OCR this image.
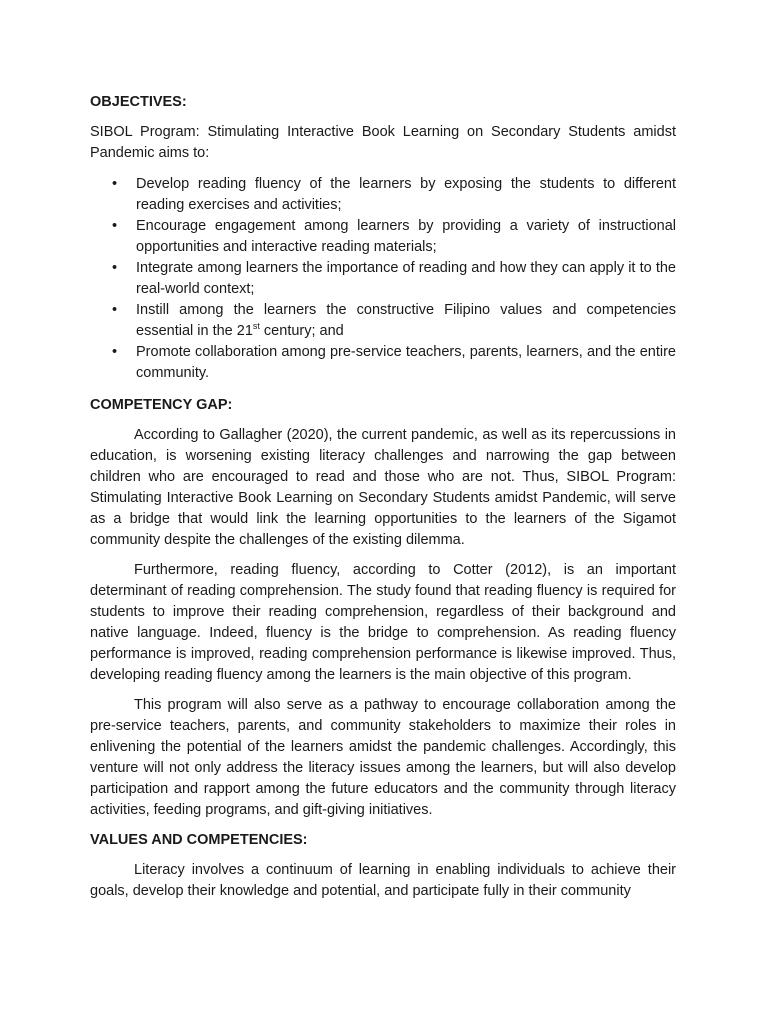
OBJECTIVES:

SIBOL Program: Stimulating Interactive Book Learning on Secondary Students amidst Pandemic aims to:

• Develop reading fluency of the learners by exposing the students to different reading exercises and activities;
• Encourage engagement among learners by providing a variety of instructional opportunities and interactive reading materials;
• Integrate among learners the importance of reading and how they can apply it to the real-world context;
• Instill among the learners the constructive Filipino values and competencies essential in the 21st century; and
• Promote collaboration among pre-service teachers, parents, learners, and the entire community.

COMPETENCY GAP:

According to Gallagher (2020), the current pandemic, as well as its repercussions in education, is worsening existing literacy challenges and narrowing the gap between children who are encouraged to read and those who are not. Thus, SIBOL Program: Stimulating Interactive Book Learning on Secondary Students amidst Pandemic, will serve as a bridge that would link the learning opportunities to the learners of the Sigamot community despite the challenges of the existing dilemma.

Furthermore, reading fluency, according to Cotter (2012), is an important determinant of reading comprehension. The study found that reading fluency is required for students to improve their reading comprehension, regardless of their background and native language. Indeed, fluency is the bridge to comprehension. As reading fluency performance is improved, reading comprehension performance is likewise improved. Thus, developing reading fluency among the learners is the main objective of this program.

This program will also serve as a pathway to encourage collaboration among the pre-service teachers, parents, and community stakeholders to maximize their roles in enlivening the potential of the learners amidst the pandemic challenges. Accordingly, this venture will not only address the literacy issues among the learners, but will also develop participation and rapport among the future educators and the community through literacy activities, feeding programs, and gift-giving initiatives.

VALUES AND COMPETENCIES:

Literacy involves a continuum of learning in enabling individuals to achieve their goals, develop their knowledge and potential, and participate fully in their community
